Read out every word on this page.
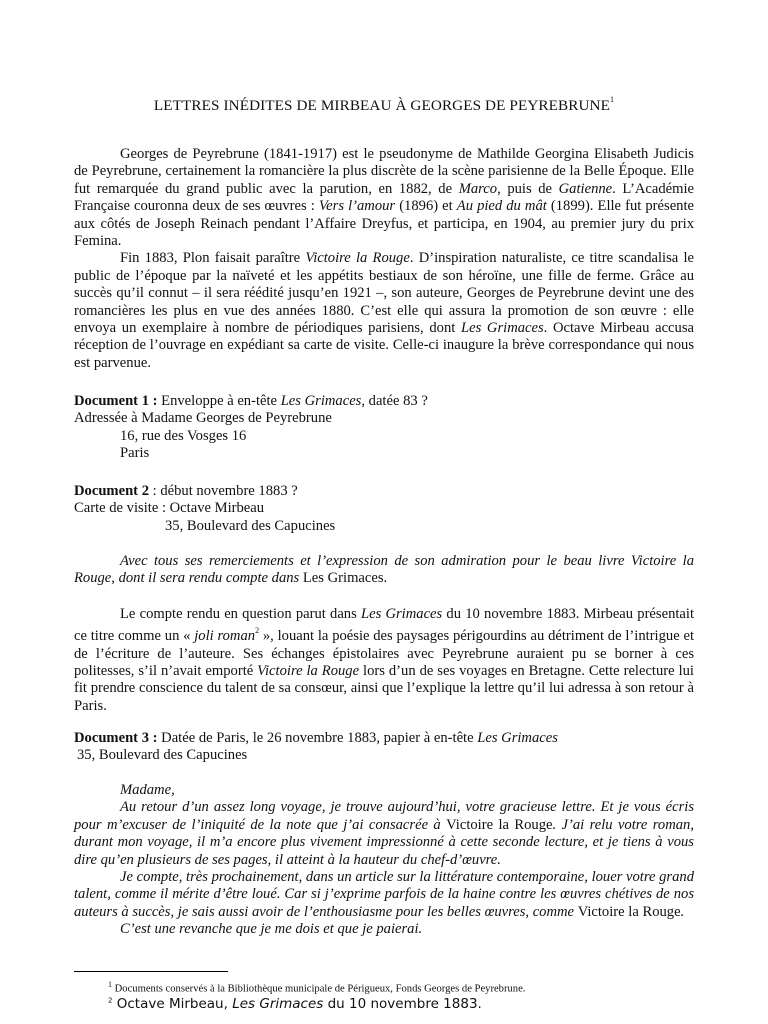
LETTRES INÉDITES DE MIRBEAU À GEORGES DE PEYREBRUNE$^1$

Georges de Peyrebrune (1841-1917) est le pseudonyme de Mathilde Georgina Elisabeth Judicis de Peyrebrune, certainement la romancière la plus discrète de la scène parisienne de la Belle Époque. Elle fut remarquée du grand public avec la parution, en 1882, de Marco, puis de Gatienne. L’Académie Française couronna deux de ses œuvres : Vers l’amour (1896) et Au pied du mât (1899). Elle fut présente aux côtés de Joseph Reinach pendant l’Affaire Dreyfus, et participa, en 1904, au premier jury du prix Femina.

Fin 1883, Plon faisait paraître Victoire la Rouge. D’inspiration naturaliste, ce titre scandalisa le public de l’époque par la naïveté et les appétits bestiaux de son héroïne, une fille de ferme. Grâce au succès qu’il connut – il sera réédité jusqu’en 1921 –, son auteure, Georges de Peyrebrune devint une des romancières les plus en vue des années 1880. C’est elle qui assura la promotion de son œuvre : elle envoya un exemplaire à nombre de périodiques parisiens, dont Les Grimaces. Octave Mirbeau accusa réception de l’ouvrage en expédiant sa carte de visite. Celle-ci inaugure la brève correspondance qui nous est parvenue.

Document 1 : Enveloppe à en-tête Les Grimaces, datée 83 ?

Adressée à Madame Georges de Peyrebrune

16, rue des Vosges 16

Paris

Document 2 : début novembre 1883 ?

Carte de visite : Octave Mirbeau

35, Boulevard des Capucines

Avec tous ses remerciements et l’expression de son admiration pour le beau livre Victoire la Rouge, dont il sera rendu compte dans Les Grimaces.

Le compte rendu en question parut dans Les Grimaces du 10 novembre 1883. Mirbeau présentait ce titre comme un « joli roman$^2$ », louant la poésie des paysages périgourdins au détriment de l’intrigue et de l’écriture de l’auteure. Ses échanges épistolaires avec Peyrebrune auraient pu se borner à ces politesses, s’il n’avait emporté Victoire la Rouge lors d’un de ses voyages en Bretagne. Cette relecture lui fit prendre conscience du talent de sa consœur, ainsi que l’explique la lettre qu’il lui adressa à son retour à Paris.

Document 3 : Datée de Paris, le 26 novembre 1883, papier à en-tête Les Grimaces

35, Boulevard des Capucines

Madame,

Au retour d’un assez long voyage, je trouve aujourd’hui, votre gracieuse lettre. Et je vous écris pour m’excuser de l’iniquité de la note que j’ai consacrée à Victoire la Rouge. J’ai relu votre roman, durant mon voyage, il m’a encore plus vivement impressionné à cette seconde lecture, et je tiens à vous dire qu’en plusieurs de ses pages, il atteint à la hauteur du chef-d’œuvre.

Je compte, très prochainement, dans un article sur la littérature contemporaine, louer votre grand talent, comme il mérite d’être loué. Car si j’exprime parfois de la haine contre les œuvres chétives de nos auteurs à succès, je sais aussi avoir de l’enthousiasme pour les belles œuvres, comme Victoire la Rouge.

C’est une revanche que je me dois et que je paierai.

$^1$ Documents conservés à la Bibliothèque municipale de Périgueux, Fonds Georges de Peyrebrune.
$^2$ Octave Mirbeau, Les Grimaces du 10 novembre 1883.
